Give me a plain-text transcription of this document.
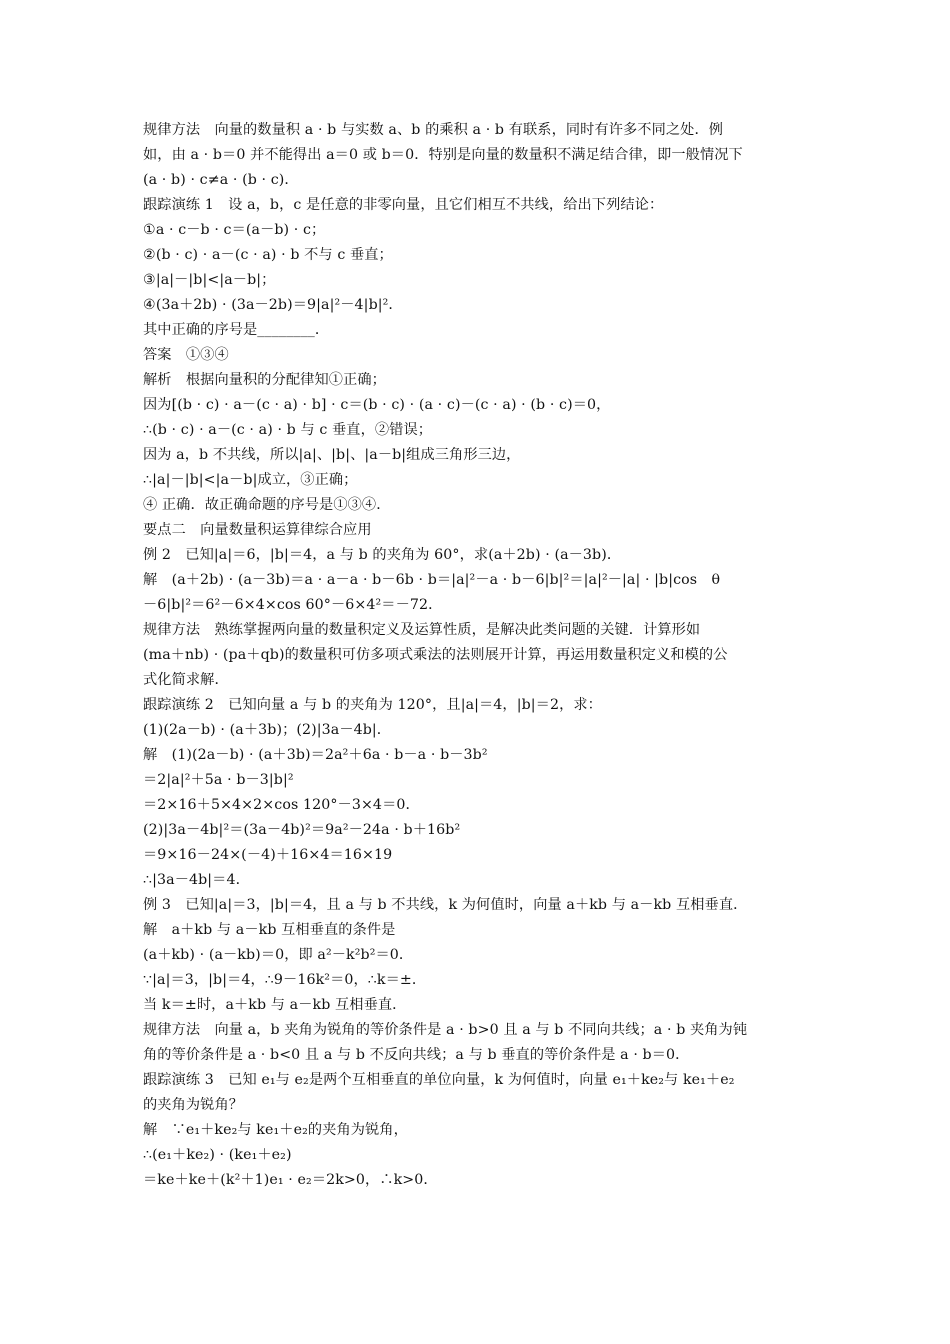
规律方法　向量的数量积 a · b 与实数 a、b 的乘积 a · b 有联系，同时有许多不同之处．例
如，由 a · b＝0 并不能得出 a＝0 或 b＝0．特别是向量的数量积不满足结合律，即一般情况下
(a · b) · c≠a · (b · c)．
跟踪演练 1　设 a，b，c 是任意的非零向量，且它们相互不共线，给出下列结论：
①a · c－b · c＝(a－b) · c；
②(b · c) · a－(c · a) · b 不与 c 垂直；
③|a|－|b|<|a－b|；
④(3a＋2b) · (3a－2b)＝9|a|²－4|b|²．
其中正确的序号是________．
答案　①③④
解析　根据向量积的分配律知①正确；
因为[(b · c) · a－(c · a) · b] · c＝(b · c) · (a · c)－(c · a) · (b · c)＝0，
∴(b · c) · a－(c · a) · b 与 c 垂直，②错误；
因为 a，b 不共线，所以|a|、|b|、|a－b|组成三角形三边，
∴|a|－|b|<|a－b|成立，③正确；
④ 正确．故正确命题的序号是①③④．
要点二　向量数量积运算律综合应用
例 2　已知|a|＝6，|b|＝4，a 与 b 的夹角为 60°，求(a＋2b) · (a－3b)．
解　(a＋2b) · (a－3b)＝a · a－a · b－6b · b＝|a|²－a · b－6|b|²＝|a|²－|a| · |b|cos　θ
－6|b|²＝6²－6×4×cos 60°－6×4²＝－72．
规律方法　熟练掌握两向量的数量积定义及运算性质，是解决此类问题的关键．计算形如
(ma＋nb) · (pa＋qb)的数量积可仿多项式乘法的法则展开计算，再运用数量积定义和模的公
式化简求解．
跟踪演练 2　已知向量 a 与 b 的夹角为 120°，且|a|＝4，|b|＝2，求：
(1)(2a－b) · (a＋3b)；(2)|3a－4b|．
解　(1)(2a－b) · (a＋3b)＝2a²＋6a · b－a · b－3b²
＝2|a|²＋5a · b－3|b|²
＝2×16＋5×4×2×cos 120°－3×4＝0．
(2)|3a－4b|²＝(3a－4b)²＝9a²－24a · b＋16b²
＝9×16－24×(－4)＋16×4＝16×19
∴|3a－4b|＝4．
例 3　已知|a|＝3，|b|＝4，且 a 与 b 不共线，k 为何值时，向量 a＋kb 与 a－kb 互相垂直．
解　a＋kb 与 a－kb 互相垂直的条件是
(a＋kb) · (a－kb)＝0，即 a²－k²b²＝0．
∵|a|＝3，|b|＝4，∴9－16k²＝0，∴k＝±．
当 k＝±时，a＋kb 与 a－kb 互相垂直．
规律方法　向量 a，b 夹角为锐角的等价条件是 a · b>0 且 a 与 b 不同向共线；a · b 夹角为钝
角的等价条件是 a · b<0 且 a 与 b 不反向共线；a 与 b 垂直的等价条件是 a · b＝0．
跟踪演练 3　已知 e₁与 e₂是两个互相垂直的单位向量，k 为何值时，向量 e₁＋ke₂与 ke₁＋e₂
的夹角为锐角？
解　∵e₁＋ke₂与 ke₁＋e₂的夹角为锐角，
∴(e₁＋ke₂) · (ke₁＋e₂)
＝ke＋ke＋(k²＋1)e₁ · e₂＝2k>0，∴k>0．
